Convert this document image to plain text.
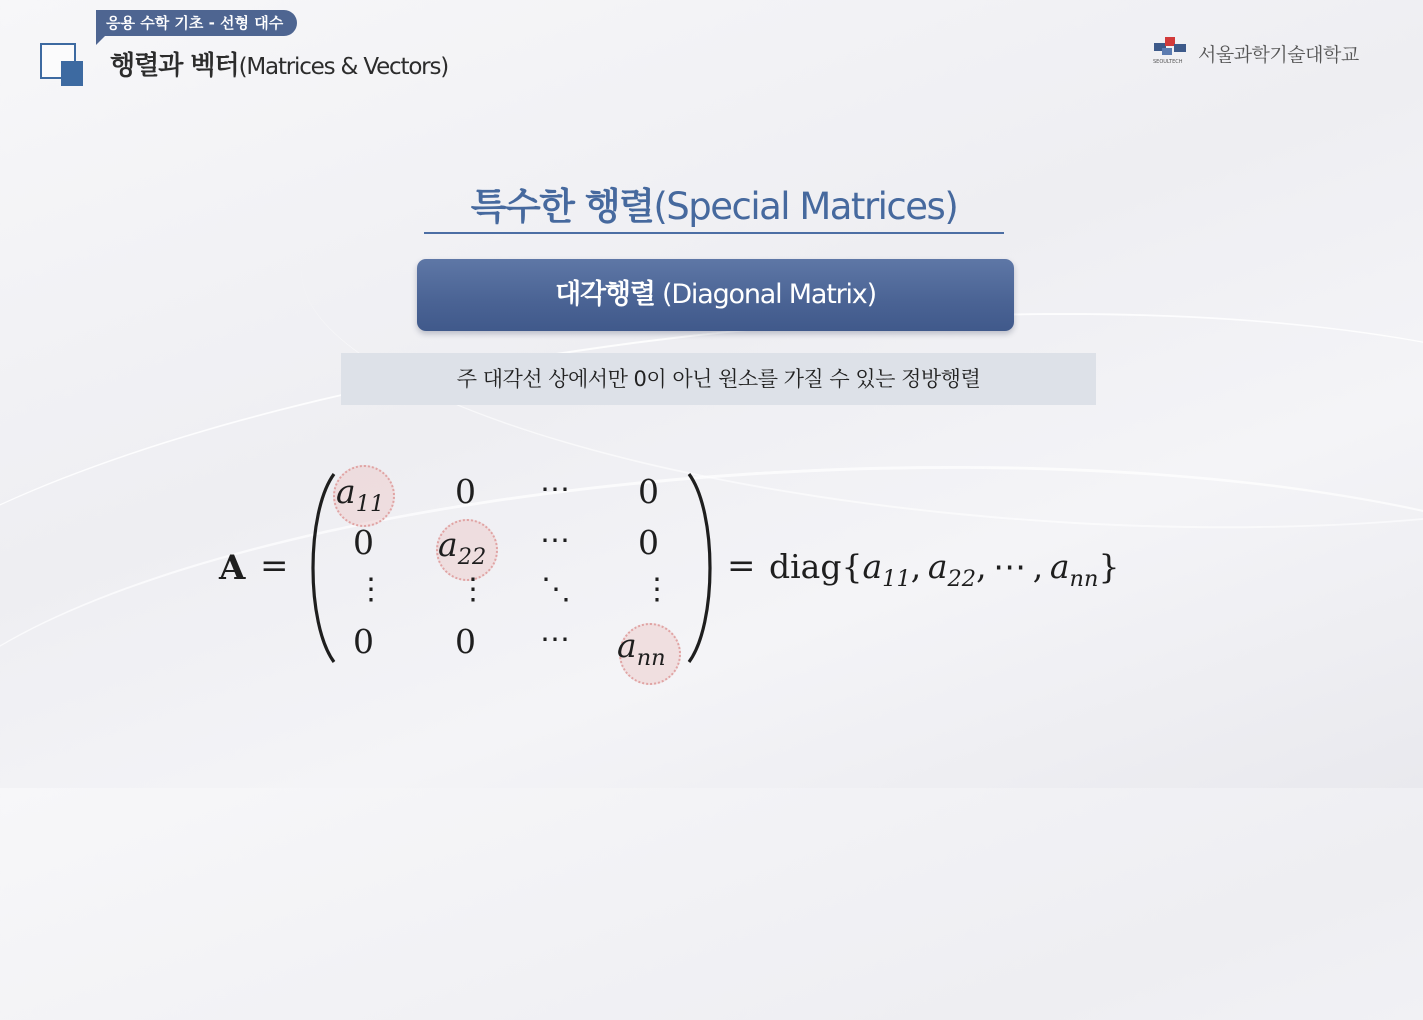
응용 수학 기초 - 선형 대수
행렬과 벡터(Matrices & Vectors)	SEOULTECH 서울과학기술대학교
특수한 행렬(Special Matrices)
대각행렬 (Diagonal Matrix)
주 대각선 상에서만 0이 아닌 원소를 가질 수 있는 정방행렬
A =
$a_{11}$ 0 ⋯ 0
0 $a_{22}$ ⋯ 0
⋮ ⋮ ⋱ ⋮
0 0 ⋯ $a_{nn}$
= $diag\{a_{11}$,  $a_{22}$,  ⋯  ,  $a_{nn}$}
